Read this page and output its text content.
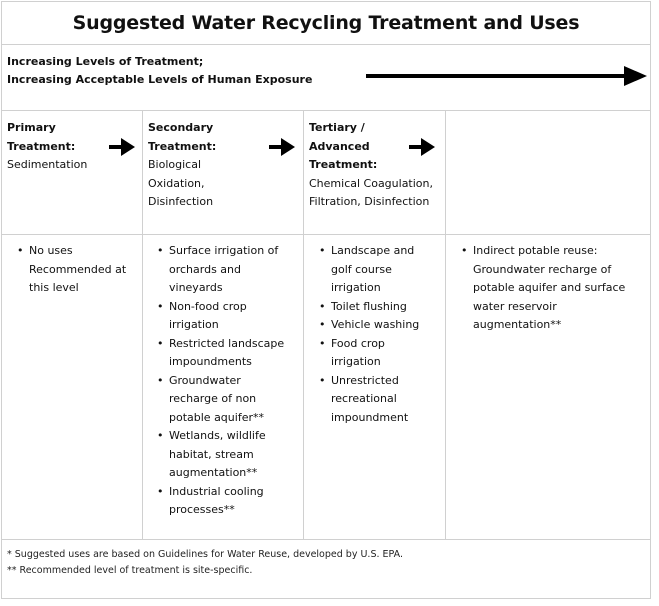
Suggested Water Recycling Treatment and Uses
Increasing Levels of Treatment;
Increasing Acceptable Levels of Human Exposure
Primary
Treatment:
Sedimentation
Secondary
Treatment:
Biological
Oxidation,
Disinfection
Tertiary /
Advanced
Treatment:
Chemical Coagulation,
Filtration, Disinfection
• No uses
Recommended at
this level
• Surface irrigation of
orchards and
vineyards
• Non-food crop
irrigation
• Restricted landscape
impoundments
• Groundwater
recharge of non
potable aquifer**
• Wetlands, wildlife
habitat, stream
augmentation**
• Industrial cooling
processes**
• Landscape and
golf course
irrigation
• Toilet flushing
• Vehicle washing
• Food crop
irrigation
• Unrestricted
recreational
impoundment
• Indirect potable reuse:
Groundwater recharge of
potable aquifer and surface
water reservoir
augmentation**
* Suggested uses are based on Guidelines for Water Reuse, developed by U.S. EPA.
** Recommended level of treatment is site-specific.
